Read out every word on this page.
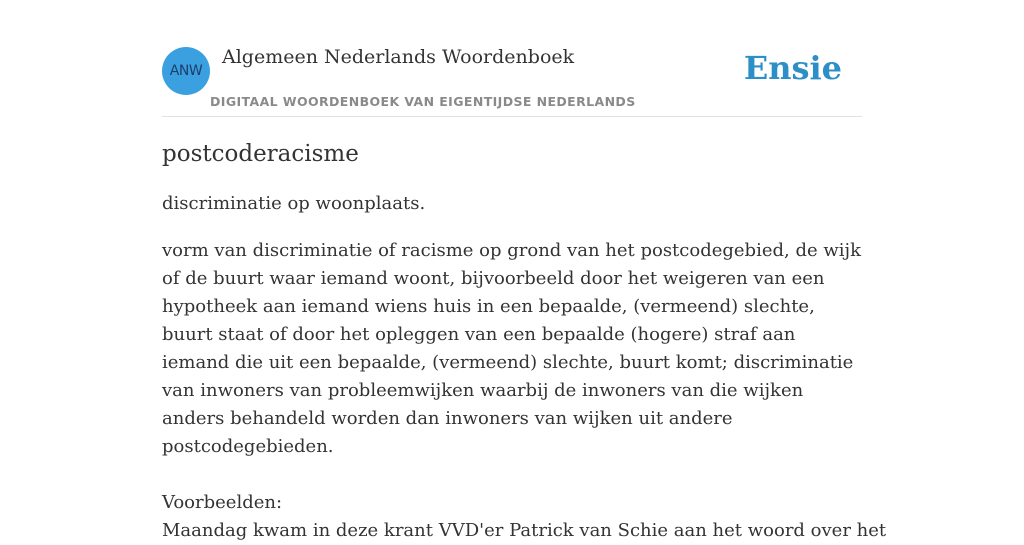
ANW
Algemeen Nederlands Woordenboek
DIGITAAL WOORDENBOEK VAN EIGENTIJDSE NEDERLANDS
Ensie
postcoderacisme

discriminatie op woonplaats.

vorm van discriminatie of racisme op grond van het postcodegebied, de wijk of de buurt waar iemand woont, bijvoorbeeld door het weigeren van een hypotheek aan iemand wiens huis in een bepaalde, (vermeend) slechte, buurt staat of door het opleggen van een bepaalde (hogere) straf aan iemand die uit een bepaalde, (vermeend) slechte, buurt komt; discriminatie van inwoners van probleemwijken waarbij de inwoners van die wijken anders behandeld worden dan inwoners van wijken uit andere postcodegebieden.

Voorbeelden:

Maandag kwam in deze krant VVD'er Patrick van Schie aan het woord over het
